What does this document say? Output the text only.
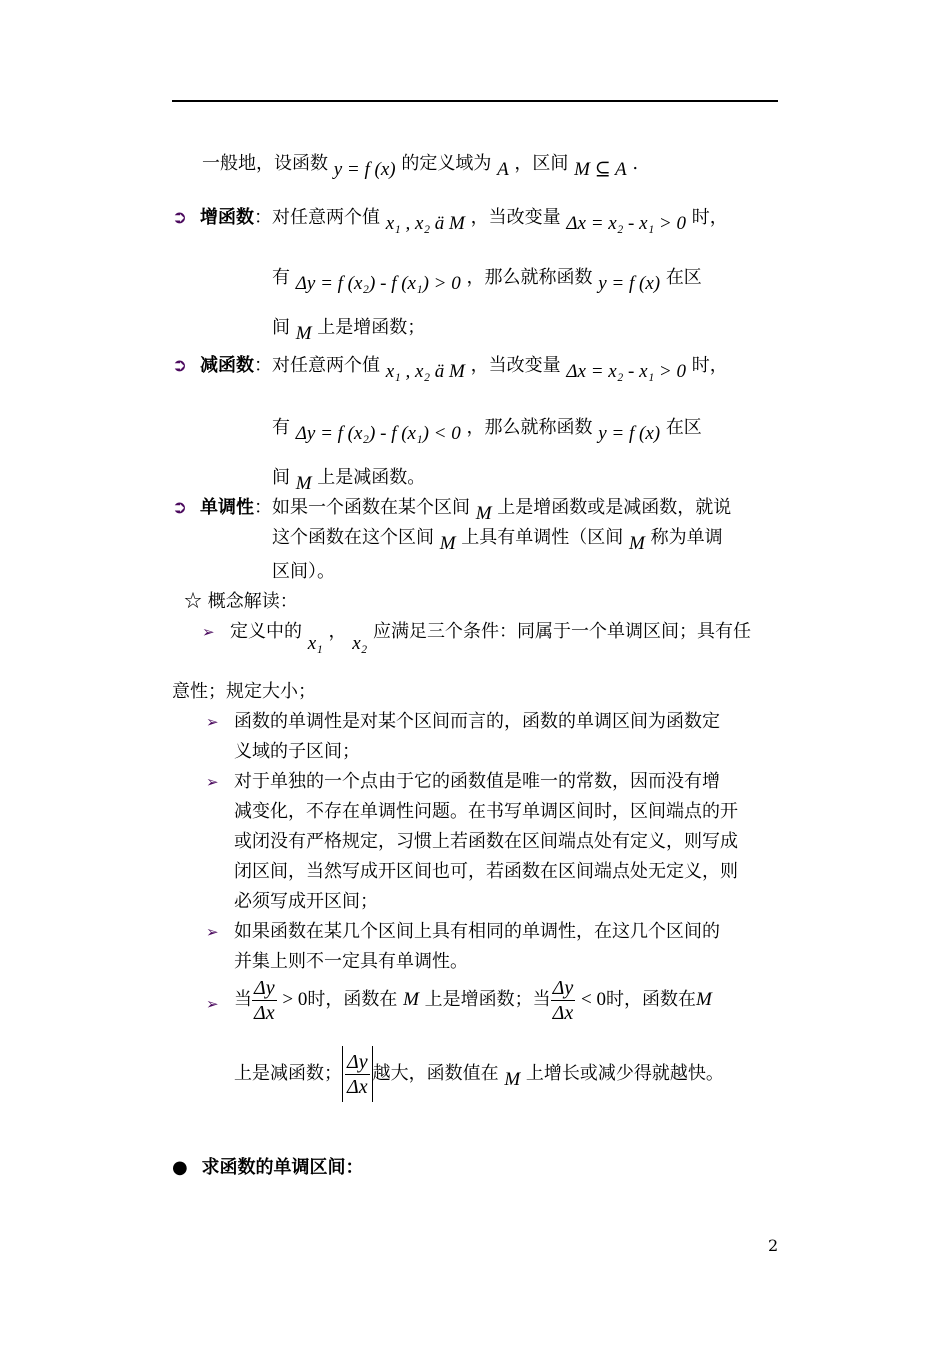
一般地，设函数 y = f (x) 的定义域为 A ，区间 M ⊆ A .
➲ 增函数：对任意两个值 x₁ , x₂ ä M ，当改变量 Δx = x₂ - x₁ > 0 时，
有 Δy = f (x₂) - f (x₁) > 0 ，那么就称函数 y = f (x) 在区
间 M 上是增函数；
➲ 减函数：对任意两个值 x₁ , x₂ ä M ，当改变量 Δx = x₂ - x₁ > 0 时，
有 Δy = f (x₂) - f (x₁) < 0 ，那么就称函数 y = f (x) 在区
间 M 上是减函数。
➲ 单调性：如果一个函数在某个区间 M 上是增函数或是减函数，就说
这个函数在这个区间 M 上具有单调性（区间 M 称为单调
区间）。
☆ 概念解读：
➢ 定义中的 x₁ ， x₂ 应满足三个条件：同属于一个单调区间；具有任
意性；规定大小；
➢ 函数的单调性是对某个区间而言的，函数的单调区间为函数定
义域的子区间；
➢ 对于单独的一个点由于它的函数值是唯一的常数，因而没有增
减变化，不存在单调性问题。在书写单调区间时，区间端点的开
或闭没有严格规定，习惯上若函数在区间端点处有定义，则写成
闭区间，当然写成开区间也可，若函数在区间端点处无定义，则
必须写成开区间；
➢ 如果函数在某几个区间上具有相同的单调性，在这几个区间的
并集上则不一定具有单调性。
➢ 当 $\frac{\Delta y}{\Delta x} > 0$时，函数在 M 上是增函数；当 $\frac{\Delta y}{\Delta x} < 0$时，函数在M
上是减函数； $\frac{\Delta y}{\Delta x}$ 越大，函数值在 M 上增长或减少得就越快。
● 求函数的单调区间：
2
